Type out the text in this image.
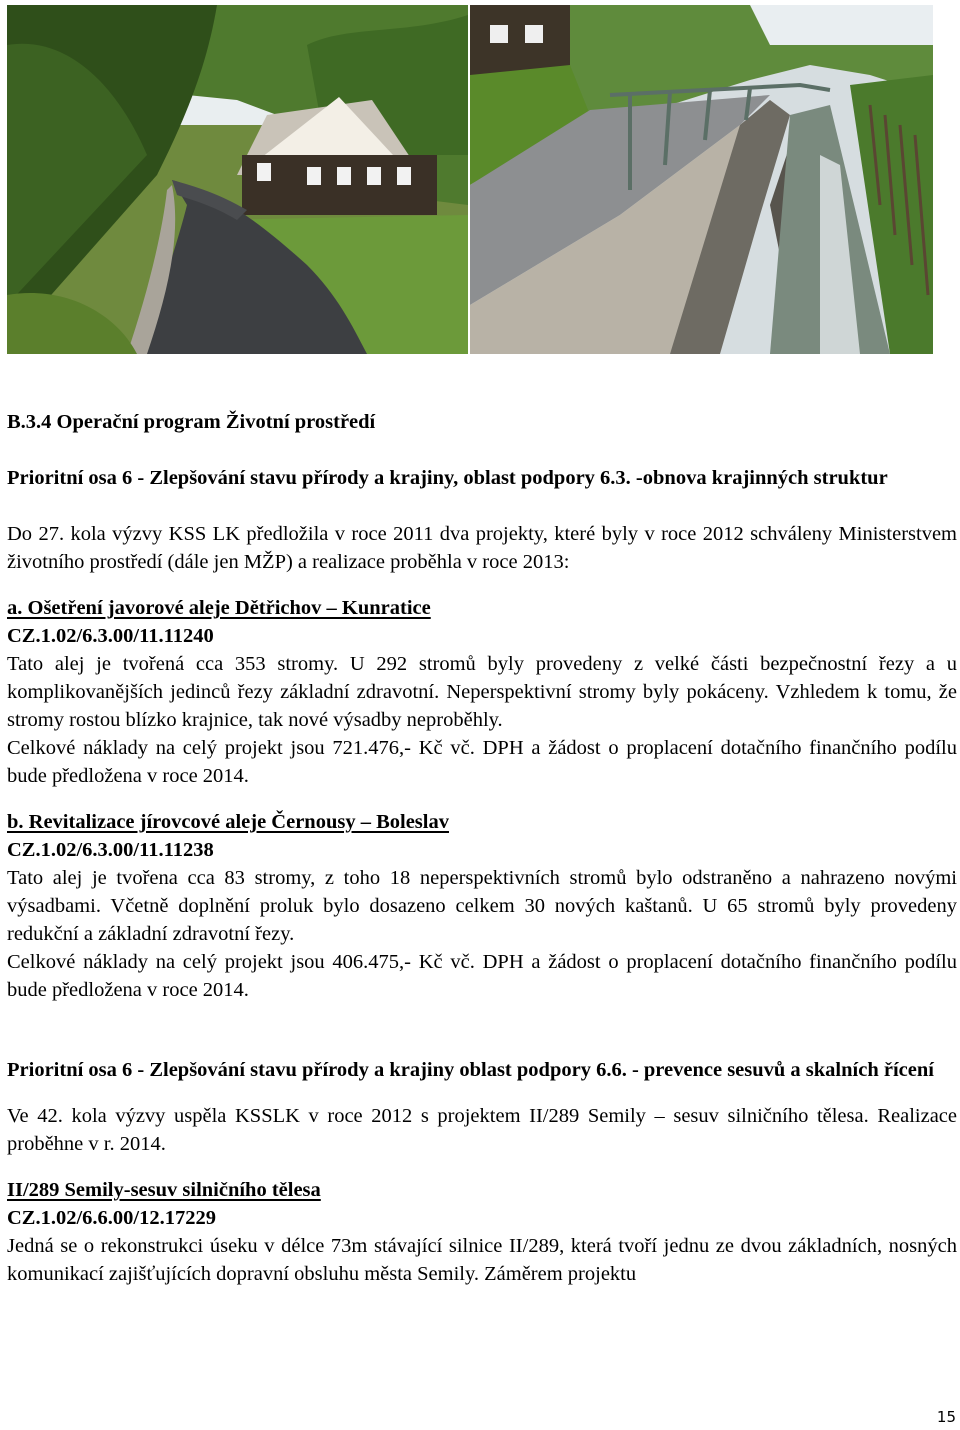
B.3.4 Operační program Životní prostředí

Prioritní osa 6 - Zlepšování stavu přírody a krajiny, oblast podpory 6.3. -obnova krajinných struktur

Do 27. kola výzvy KSS LK předložila v roce 2011 dva projekty, které byly v roce 2012 schváleny Ministerstvem životního prostředí (dále jen MŽP) a realizace proběhla v roce 2013:

a. Ošetření javorové aleje Dětřichov – Kunratice

CZ.1.02/6.3.00/11.11240

Tato alej je tvořená cca 353 stromy. U 292 stromů byly provedeny z velké části bezpečnostní řezy a u komplikovanějších jedinců řezy základní zdravotní. Neperspektivní stromy byly pokáceny. Vzhledem k tomu, že stromy rostou blízko krajnice, tak nové výsadby neproběhly.

Celkové náklady na celý projekt jsou 721.476,- Kč vč. DPH a žádost o proplacení dotačního finančního podílu bude předložena v roce 2014.

b. Revitalizace jírovcové aleje Černousy – Boleslav

CZ.1.02/6.3.00/11.11238

Tato alej je tvořena cca 83 stromy, z toho 18 neperspektivních stromů bylo odstraněno a nahrazeno novými výsadbami. Včetně doplnění proluk bylo dosazeno celkem 30 nových kaštanů. U 65 stromů byly provedeny redukční a základní zdravotní řezy.

Celkové náklady na celý projekt jsou 406.475,- Kč vč. DPH a žádost o proplacení dotačního finančního podílu bude předložena v roce 2014.

Prioritní osa 6 - Zlepšování stavu přírody a krajiny oblast podpory 6.6. - prevence sesuvů a skalních řícení

Ve 42. kola výzvy uspěla KSSLK v roce 2012 s projektem II/289 Semily – sesuv silničního tělesa. Realizace proběhne v r. 2014.

II/289 Semily-sesuv silničního tělesa

CZ.1.02/6.6.00/12.17229

Jedná se o rekonstrukci úseku v délce 73m stávající silnice II/289, která tvoří jednu ze dvou základních, nosných komunikací zajišťujících dopravní obsluhu města Semily. Záměrem projektu

15
